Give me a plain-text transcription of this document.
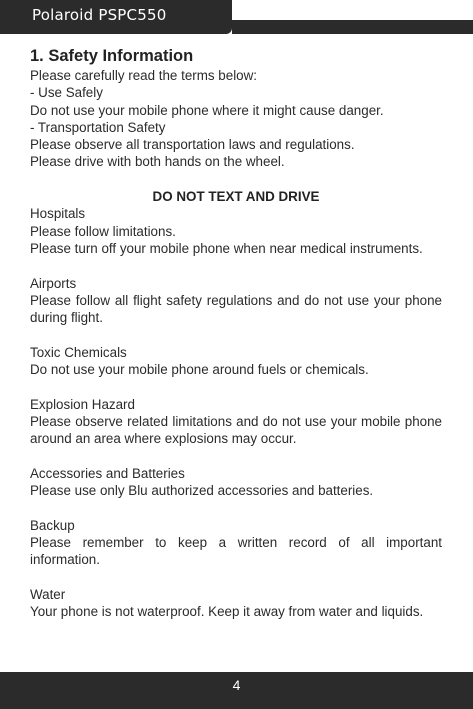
Polaroid PSPC550
1. Safety Information

Please carefully read the terms below:

- Use Safely

Do not use your mobile phone where it might cause danger.

- Transportation Safety

Please observe all transportation laws and regulations.

Please drive with both hands on the wheel.

DO NOT TEXT AND DRIVE

Hospitals

Please follow limitations.

Please turn off your mobile phone when near medical instruments.

Airports

Please follow all flight safety regulations and do not use your phone during flight.

Toxic Chemicals

Do not use your mobile phone around fuels or chemicals.

Explosion Hazard

Please observe related limitations and do not use your mobile phone around an area where explosions may occur.

Accessories and Batteries

Please use only Blu authorized accessories and batteries.

Backup

Please remember to keep a written record of all important information.

Water

Your phone is not waterproof. Keep it away from water and liquids.

4
